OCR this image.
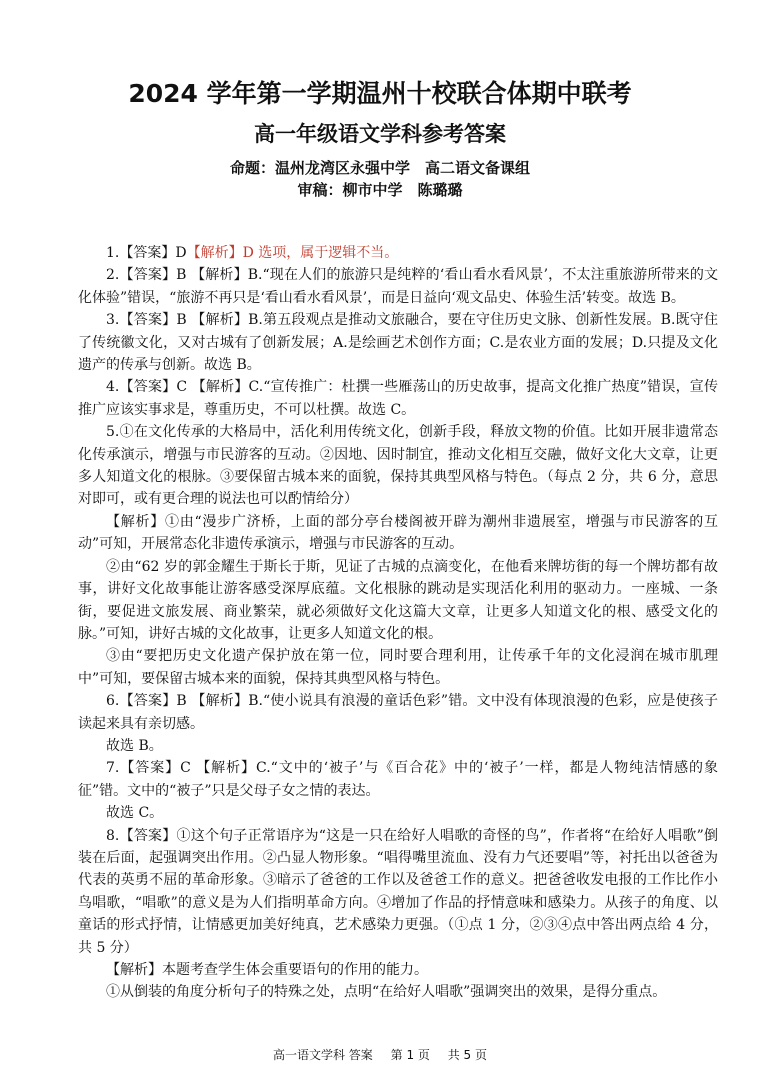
2024 学年第一学期温州十校联合体期中联考
高一年级语文学科参考答案
命题：温州龙湾区永强中学　高二语文备课组
审稿：柳市中学　陈璐璐

1.【答案】D【解析】D 选项，属于逻辑不当。

2.【答案】B 【解析】B.“现在人们的旅游只是纯粹的‘看山看水看风景’，不太注重旅游所带来的文化体验”错误，“旅游不再只是‘看山看水看风景’，而是日益向‘观文品史、体验生活’转变。故选 B。

3.【答案】B 【解析】B.第五段观点是推动文旅融合，要在守住历史文脉、创新性发展。B.既守住了传统徽文化，又对古城有了创新发展；A.是绘画艺术创作方面；C.是农业方面的发展；D.只提及文化遗产的传承与创新。故选 B。

4.【答案】C 【解析】C.“宣传推广：杜撰一些雁荡山的历史故事，提高文化推广热度”错误，宣传推广应该实事求是，尊重历史，不可以杜撰。故选 C。

5.①在文化传承的大格局中，活化利用传统文化，创新手段，释放文物的价值。比如开展非遗常态化传承演示，增强与市民游客的互动。②因地、因时制宜，推动文化相互交融，做好文化大文章，让更多人知道文化的根脉。③要保留古城本来的面貌，保持其典型风格与特色。（每点 2 分，共 6 分，意思对即可，或有更合理的说法也可以酌情给分）

【解析】①由“漫步广济桥，上面的部分亭台楼阁被开辟为潮州非遗展室，增强与市民游客的互动”可知，开展常态化非遗传承演示，增强与市民游客的互动。

②由“62 岁的郭金耀生于斯长于斯，见证了古城的点滴变化，在他看来牌坊街的每一个牌坊都有故事，讲好文化故事能让游客感受深厚底蕴。文化根脉的跳动是实现活化利用的驱动力。一座城、一条街，要促进文旅发展、商业繁荣，就必须做好文化这篇大文章，让更多人知道文化的根、感受文化的脉。”可知，讲好古城的文化故事，让更多人知道文化的根。

③由“要把历史文化遗产保护放在第一位，同时要合理利用，让传承千年的文化浸润在城市肌理中”可知，要保留古城本来的面貌，保持其典型风格与特色。

6.【答案】B 【解析】B.“使小说具有浪漫的童话色彩”错。文中没有体现浪漫的色彩，应是使孩子读起来具有亲切感。

故选 B。

7.【答案】C 【解析】C.“文中的‘被子’与《百合花》中的‘被子’一样，都是人物纯洁情感的象征”错。文中的“被子”只是父母子女之情的表达。

故选 C。

8.【答案】①这个句子正常语序为“这是一只在给好人唱歌的奇怪的鸟”，作者将“在给好人唱歌”倒装在后面，起强调突出作用。②凸显人物形象。“唱得嘴里流血、没有力气还要唱”等，衬托出以爸爸为代表的英勇不屈的革命形象。③暗示了爸爸的工作以及爸爸工作的意义。把爸爸收发电报的工作比作小鸟唱歌，“唱歌”的意义是为人们指明革命方向。④增加了作品的抒情意味和感染力。从孩子的角度、以童话的形式抒情，让情感更加美好纯真，艺术感染力更强。（①点 1 分，②③④点中答出两点给 4 分，共 5 分）

【解析】本题考查学生体会重要语句的作用的能力。

①从倒装的角度分析句子的特殊之处，点明“在给好人唱歌”强调突出的效果，是得分重点。

高一语文学科 答案 第 1 页 共 5 页
